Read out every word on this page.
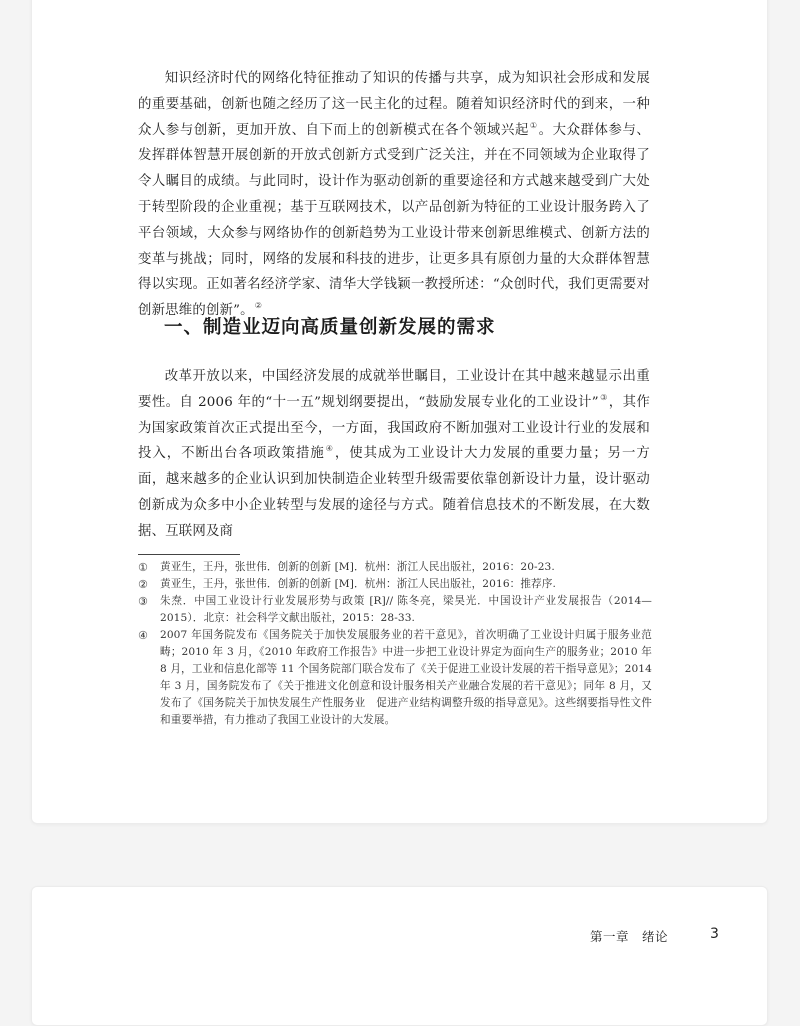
知识经济时代的网络化特征推动了知识的传播与共享，成为知识社会形成和发展的重要基础，创新也随之经历了这一民主化的过程。随着知识经济时代的到来，一种众人参与创新，更加开放、自下而上的创新模式在各个领域兴起①。大众群体参与、发挥群体智慧开展创新的开放式创新方式受到广泛关注，并在不同领域为企业取得了令人瞩目的成绩。与此同时，设计作为驱动创新的重要途径和方式越来越受到广大处于转型阶段的企业重视；基于互联网技术，以产品创新为特征的工业设计服务跨入了平台领域，大众参与网络协作的创新趋势为工业设计带来创新思维模式、创新方法的变革与挑战；同时，网络的发展和科技的进步，让更多具有原创力量的大众群体智慧得以实现。正如著名经济学家、清华大学钱颖一教授所述：“众创时代，我们更需要对创新思维的创新”。②

一、制造业迈向高质量创新发展的需求

改革开放以来，中国经济发展的成就举世瞩目，工业设计在其中越来越显示出重要性。自 2006 年的“十一五”规划纲要提出，“鼓励发展专业化的工业设计”③，其作为国家政策首次正式提出至今，一方面，我国政府不断加强对工业设计行业的发展和投入，不断出台各项政策措施④，使其成为工业设计大力发展的重要力量；另一方面，越来越多的企业认识到加快制造企业转型升级需要依靠创新设计力量，设计驱动创新成为众多中小企业转型与发展的途径与方式。随着信息技术的不断发展，在大数据、互联网及商

①	黄亚生，王丹，张世伟．创新的创新 [M]．杭州：浙江人民出版社，2016：20-23.
②	黄亚生，王丹，张世伟．创新的创新 [M]．杭州：浙江人民出版社，2016：推荐序.
③	朱焘．中国工业设计行业发展形势与政策 [R]// 陈冬亮，梁昊光．中国设计产业发展报告（2014—2015）．北京：社会科学文献出版社，2015：28-33.
④	2007 年国务院发布《国务院关于加快发展服务业的若干意见》，首次明确了工业设计归属于服务业范畴；2010 年 3 月，《2010 年政府工作报告》中进一步把工业设计界定为面向生产的服务业；2010 年 8 月，工业和信息化部等 11 个国务院部门联合发布了《关于促进工业设计发展的若干指导意见》；2014 年 3 月，国务院发布了《关于推进文化创意和设计服务相关产业融合发展的若干意见》；同年 8 月，又发布了《国务院关于加快发展生产性服务业　促进产业结构调整升级的指导意见》。这些纲要指导性文件和重要举措，有力推动了我国工业设计的大发展。
第一章　绪论	3
